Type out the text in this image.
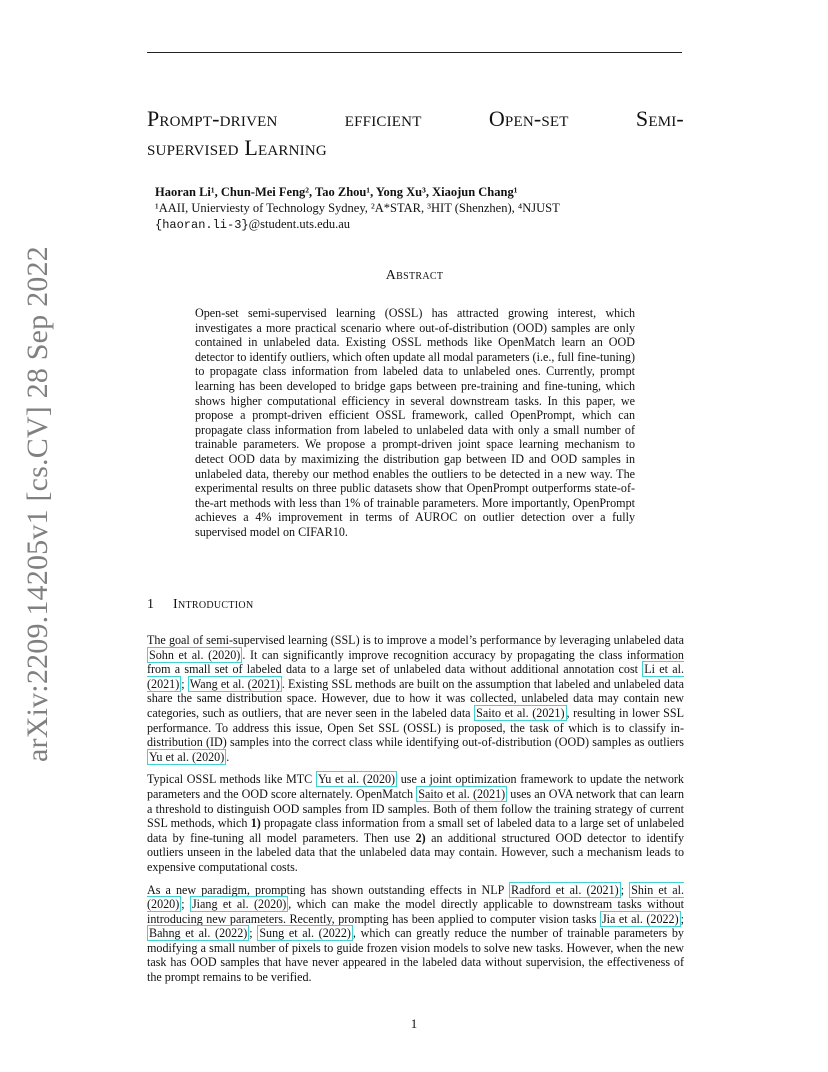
Prompt-driven	efficient	Open-set	Semi-
supervised Learning
Haoran Li¹, Chun-Mei Feng², Tao Zhou¹, Yong Xu³, Xiaojun Chang¹
¹AAII, Unierviesty of Technology Sydney, ²A*STAR, ³HIT (Shenzhen), ⁴NJUST
{haoran.li-3}@student.uts.edu.au
Abstract
Open-set semi-supervised learning (OSSL) has attracted growing interest, which investigates a more practical scenario where out-of-distribution (OOD) samples are only contained in unlabeled data. Existing OSSL methods like OpenMatch learn an OOD detector to identify outliers, which often update all modal parameters (i.e., full fine-tuning) to propagate class information from labeled data to unlabeled ones. Currently, prompt learning has been developed to bridge gaps between pre-training and fine-tuning, which shows higher computational efficiency in several downstream tasks. In this paper, we propose a prompt-driven efficient OSSL framework, called OpenPrompt, which can propagate class information from labeled to unlabeled data with only a small number of trainable parameters. We propose a prompt-driven joint space learning mechanism to detect OOD data by maximizing the distribution gap between ID and OOD samples in unlabeled data, thereby our method enables the outliers to be detected in a new way. The experimental results on three public datasets show that OpenPrompt outperforms state-of-the-art methods with less than 1% of trainable parameters. More importantly, OpenPrompt achieves a 4% improvement in terms of AUROC on outlier detection over a fully supervised model on CIFAR10.
arXiv:2209.14205v1 [cs.CV] 28 Sep 2022	1 Introduction

The goal of semi-supervised learning (SSL) is to improve a model’s performance by leveraging unlabeled data Sohn et al. (2020) . It can significantly improve recognition accuracy by propagating the class information from a small set of labeled data to a large set of unlabeled data without additional annotation cost Li et al. (2021) ; Wang et al. (2021) . Existing SSL methods are built on the assumption that labeled and unlabeled data share the same distribution space. However, due to how it was collected, unlabeled data may contain new categories, such as outliers, that are never seen in the labeled data Saito et al. (2021) , resulting in lower SSL performance. To address this issue, Open Set SSL (OSSL) is proposed, the task of which is to classify in-distribution (ID) samples into the correct class while identifying out-of-distribution (OOD) samples as outliers Yu et al. (2020) .

Typical OSSL methods like MTC Yu et al. (2020) use a joint optimization framework to update the network parameters and the OOD score alternately. OpenMatch Saito et al. (2021) uses an OVA network that can learn a threshold to distinguish OOD samples from ID samples. Both of them follow the training strategy of current SSL methods, which 1) propagate class information from a small set of labeled data to a large set of unlabeled data by fine-tuning all model parameters. Then use 2) an additional structured OOD detector to identify outliers unseen in the labeled data that the unlabeled data may contain. However, such a mechanism leads to expensive computational costs.

As a new paradigm, prompting has shown outstanding effects in NLP Radford et al. (2021) ; Shin et al. (2020) ; Jiang et al. (2020) , which can make the model directly applicable to downstream tasks without introducing new parameters. Recently, prompting has been applied to computer vision tasks Jia et al. (2022) ; Bahng et al. (2022) ; Sung et al. (2022) , which can greatly reduce the number of trainable parameters by modifying a small number of pixels to guide frozen vision models to solve new tasks. However, when the new task has OOD samples that have never appeared in the labeled data without supervision, the effectiveness of the prompt remains to be verified.

1
